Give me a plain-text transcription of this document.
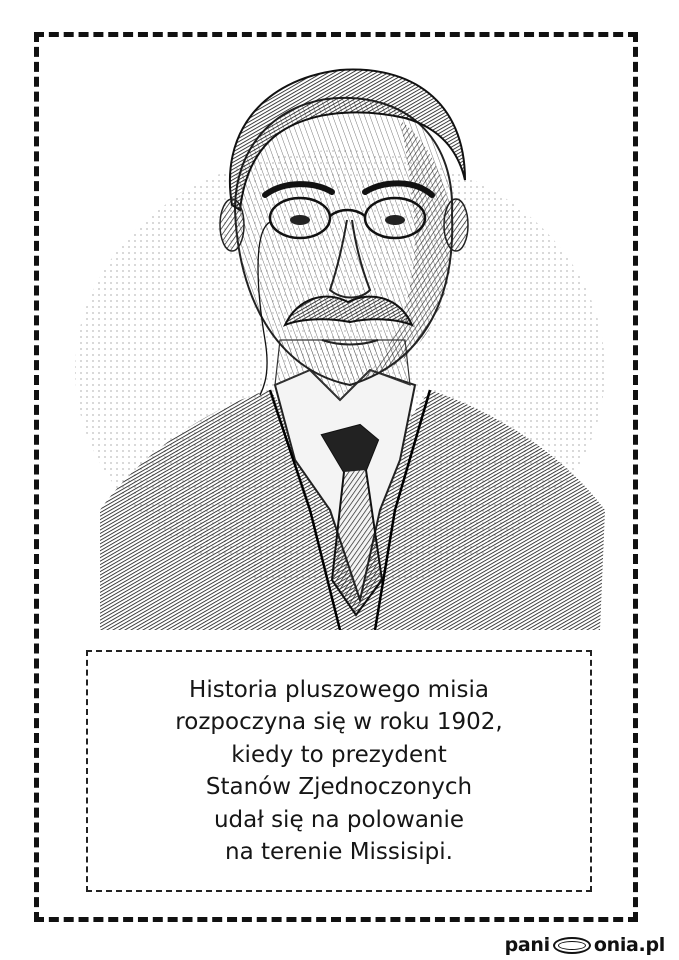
Historia pluszowego misia
rozpoczyna się w roku 1902,
kiedy to prezydent
Stanów Zjednoczonych
udał się na polowanie
na terenie Missisipi.

pani onia.pl
